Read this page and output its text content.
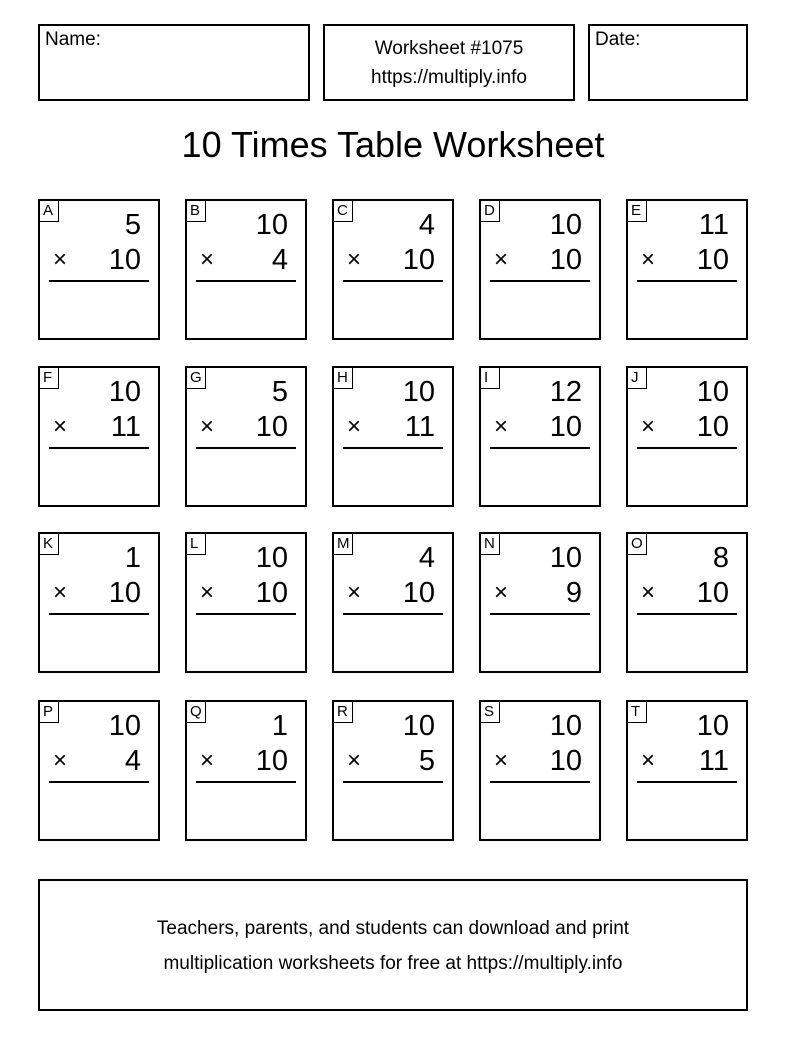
Name:	Worksheet #1075
https://multiply.info
Date:
10 Times Table Worksheet
A 5
× 10
B 10
× 4
C 4
× 10
D 10
× 10
E 11
× 10
F 10
× 11
G 5
× 10
H 10
× 11
I	12
× 10
J 10
× 10
K 1
× 10
L 10
× 10
M 4
× 10
N 10
× 9
O 8
× 10
P 10
× 4
Q 1
× 10
R 10
× 5
S 10
× 10
T 10
× 11
Teachers, parents, and students can download and print
multiplication worksheets for free at https://multiply.info
